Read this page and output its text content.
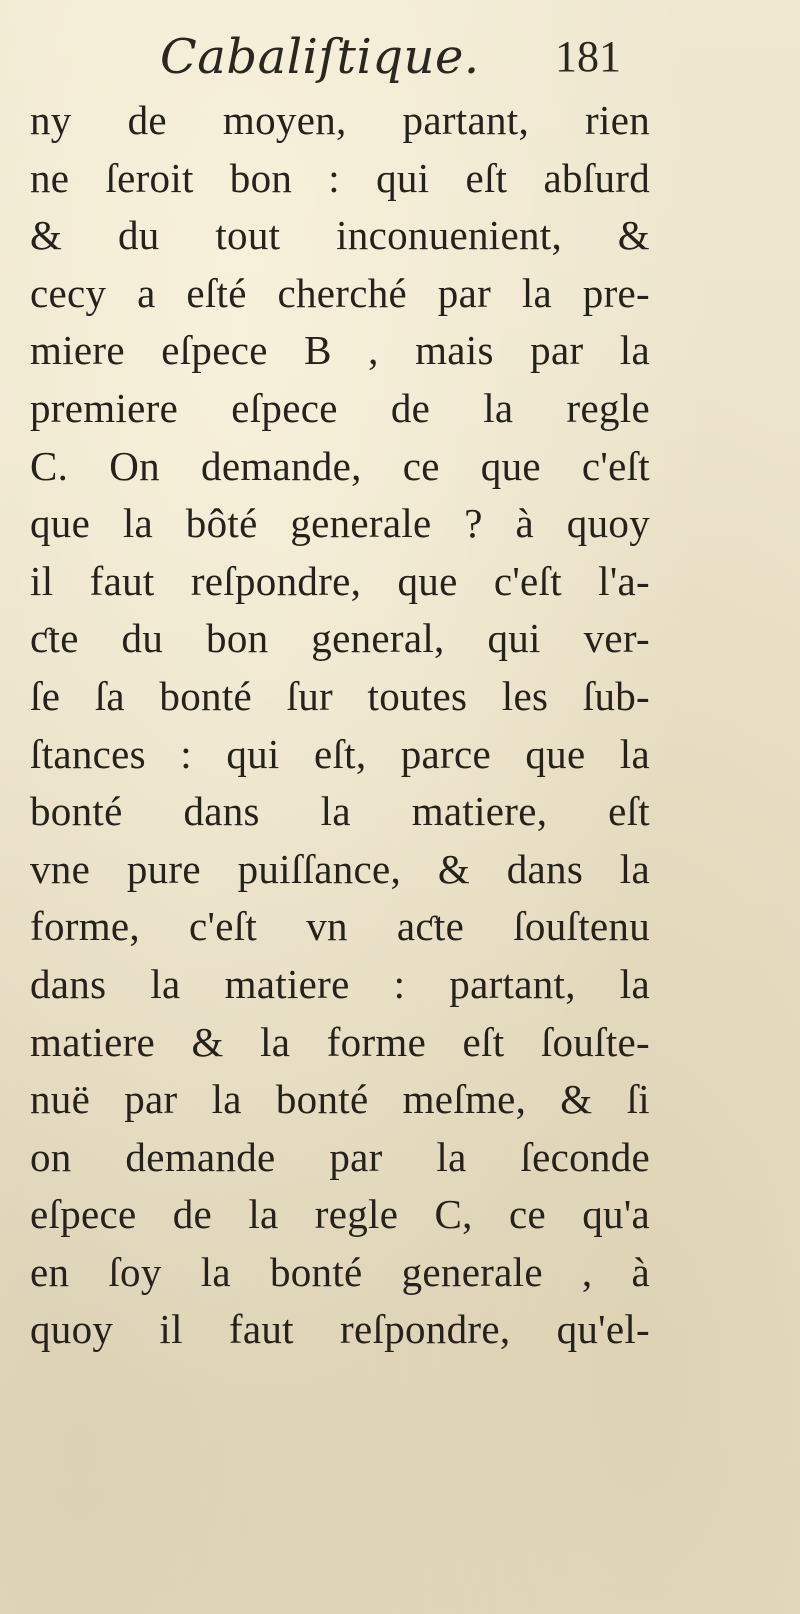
Cabaliſtique. 181
ny de moyen, partant, rien
ne ſeroit bon : qui eſt abſurd
& du tout inconuenient, &
cecy a eſté cherché par la pre-
miere eſpece B , mais par la
premiere eſpece de la regle
C. On demande, ce que c'eſt
que la bôté generale ? à quoy
il faut reſpondre, que c'eſt l'a-
ƈte du bon general, qui ver-
ſe ſa bonté ſur toutes les ſub-
ſtances : qui eſt, parce que la
bonté dans la matiere, eſt
vne pure puiſſance, & dans la
forme, c'eſt vn aƈte ſouſtenu
dans la matiere : partant, la
matiere & la forme eſt ſouſte-
nuë par la bonté meſme, & ſi
on demande par la ſeconde
eſpece de la regle C, ce qu'a
en ſoy la bonté generale , à
quoy il faut reſpondre, qu'el-
